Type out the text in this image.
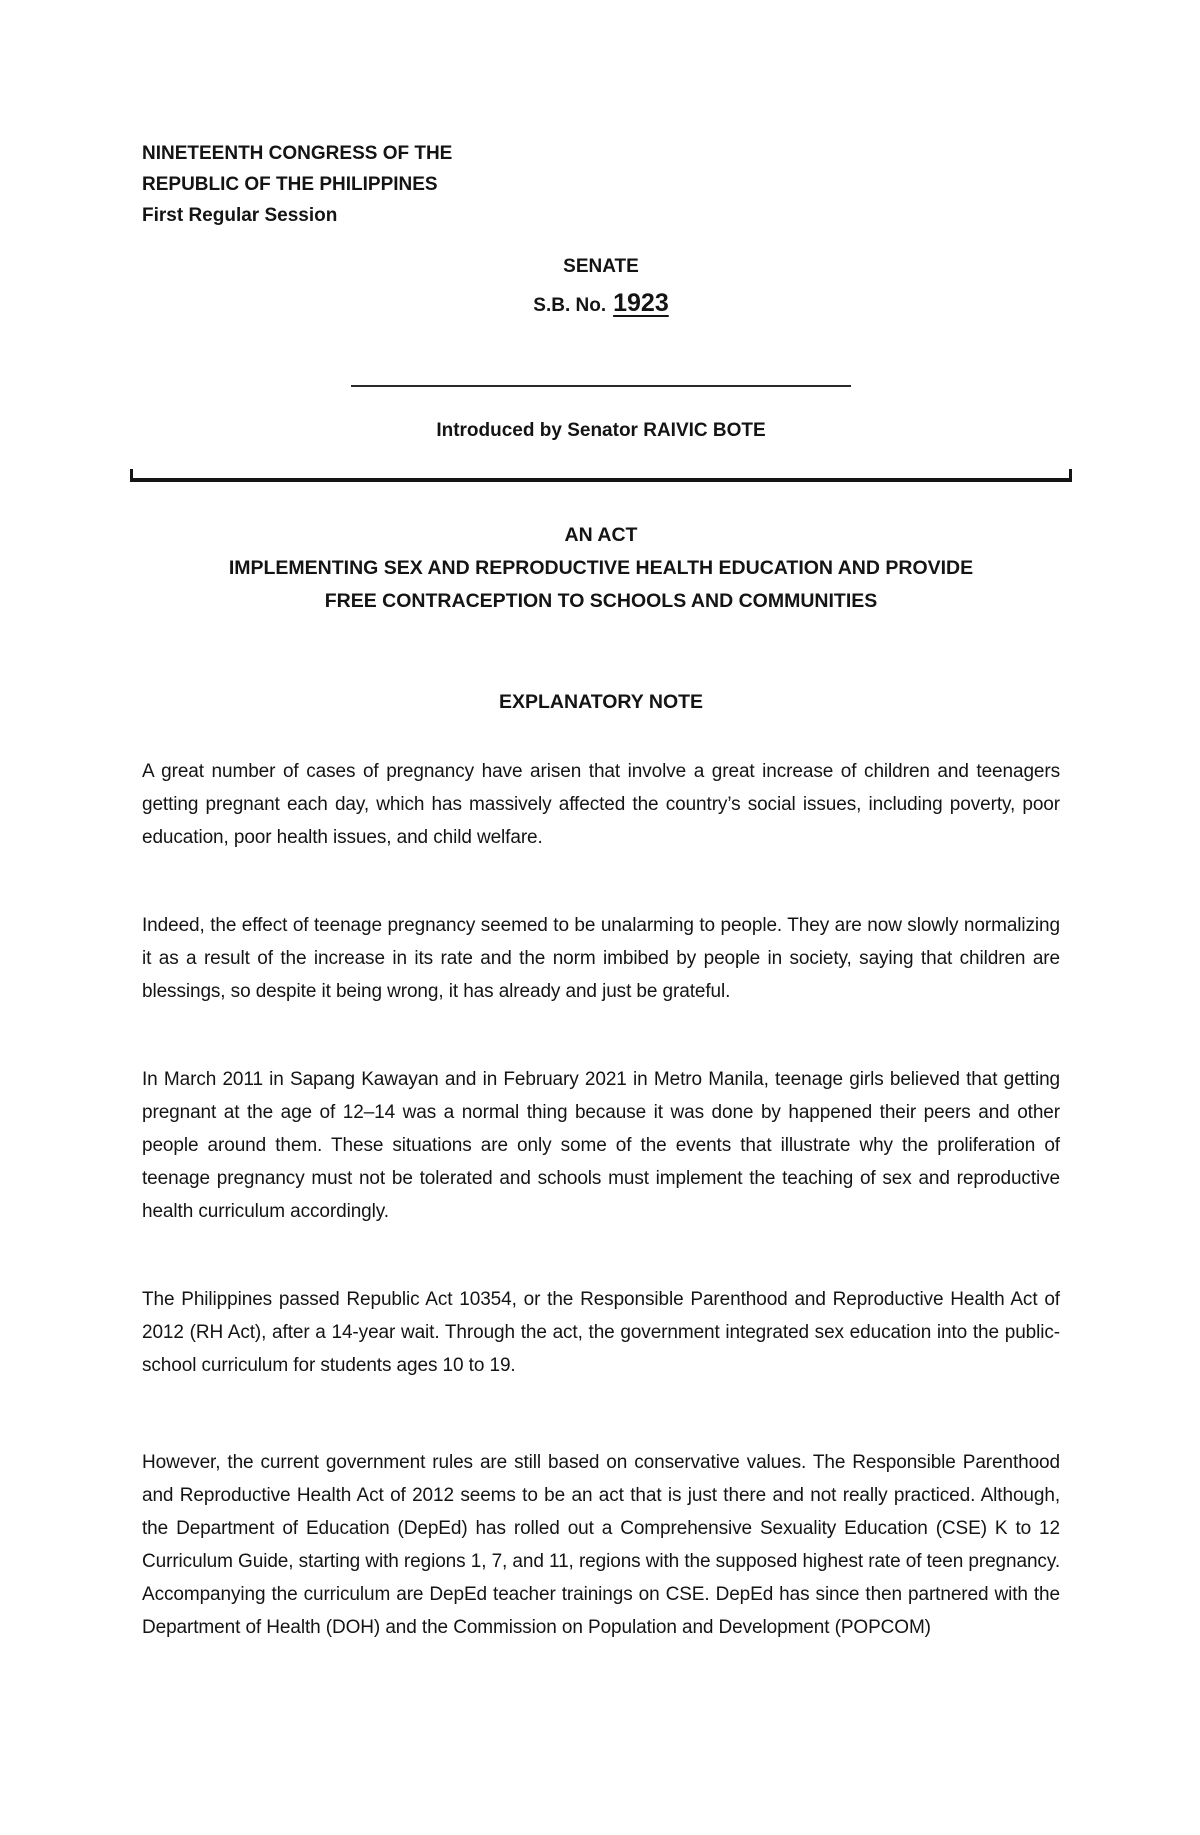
NINETEENTH CONGRESS OF THE
REPUBLIC OF THE PHILIPPINES
First Regular Session
SENATE
S.B. No. 1923
Introduced by Senator RAIVIC BOTE
AN ACT
IMPLEMENTING SEX AND REPRODUCTIVE HEALTH EDUCATION AND PROVIDE
FREE CONTRACEPTION TO SCHOOLS AND COMMUNITIES
EXPLANATORY NOTE

A great number of cases of pregnancy have arisen that involve a great increase of children and teenagers getting pregnant each day, which has massively affected the country’s social issues, including poverty, poor education, poor health issues, and child welfare.

Indeed, the effect of teenage pregnancy seemed to be unalarming to people. They are now slowly normalizing it as a result of the increase in its rate and the norm imbibed by people in society, saying that children are blessings, so despite it being wrong, it has already and just be grateful.

In March 2011 in Sapang Kawayan and in February 2021 in Metro Manila, teenage girls believed that getting pregnant at the age of 12–14 was a normal thing because it was done by happened their peers and other people around them. These situations are only some of the events that illustrate why the proliferation of teenage pregnancy must not be tolerated and schools must implement the teaching of sex and reproductive health curriculum accordingly.

The Philippines passed Republic Act 10354, or the Responsible Parenthood and Reproductive Health Act of 2012 (RH Act), after a 14-year wait. Through the act, the government integrated sex education into the public-school curriculum for students ages 10 to 19.

However, the current government rules are still based on conservative values. The Responsible Parenthood and Reproductive Health Act of 2012 seems to be an act that is just there and not really practiced. Although, the Department of Education (DepEd) has rolled out a Comprehensive Sexuality Education (CSE) K to 12 Curriculum Guide, starting with regions 1, 7, and 11, regions with the supposed highest rate of teen pregnancy. Accompanying the curriculum are DepEd teacher trainings on CSE. DepEd has since then partnered with the Department of Health (DOH) and the Commission on Population and Development (POPCOM)
